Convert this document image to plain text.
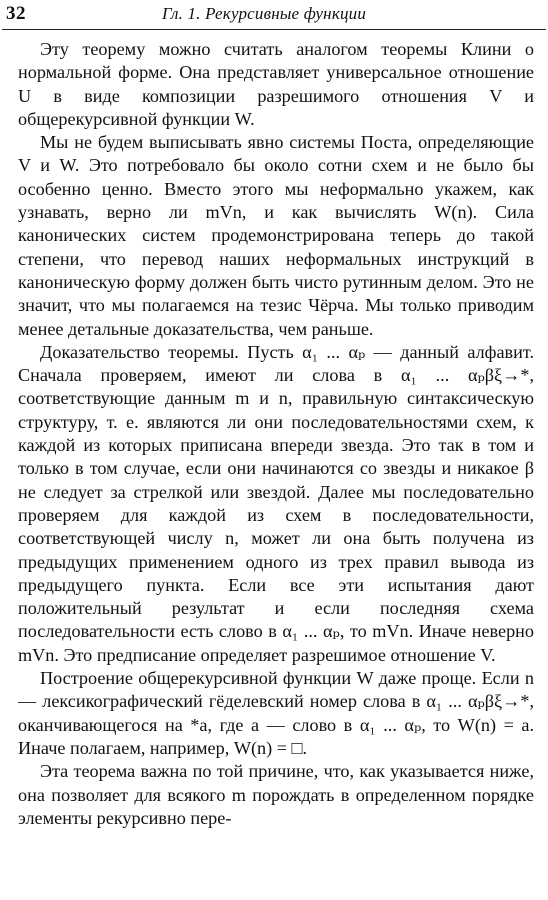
32	Гл. 1. Рекурсивные функции

Эту теорему можно считать аналогом теоремы Клини о нормальной форме. Она представляет универсальное отношение U в виде композиции разрешимого отношения V и общерекурсивной функции W.

Мы не будем выписывать явно системы Поста, определяющие V и W. Это потребовало бы около сотни схем и не было бы особенно ценно. Вместо этого мы неформально укажем, как узнавать, верно ли mVn, и как вычислять W(n). Сила канонических систем продемонстрирована теперь до такой степени, что перевод наших неформальных инструкций в каноническую форму должен быть чисто рутинным делом. Это не значит, что мы полагаемся на тезис Чёрча. Мы только приводим менее детальные доказательства, чем раньше.

Доказательство теоремы. Пусть α₁ ... αₚ — данный алфавит. Сначала проверяем, имеют ли слова в α₁ ... αₚβξ→*, соответствующие данным m и n, правильную синтаксическую структуру, т. е. являются ли они последовательностями схем, к каждой из которых приписана впереди звезда. Это так в том и только в том случае, если они начинаются со звезды и никакое β не следует за стрелкой или звездой. Далее мы последовательно проверяем для каждой из схем в последовательности, соответствующей числу n, может ли она быть получена из предыдущих применением одного из трех правил вывода из предыдущего пункта. Если все эти испытания дают положительный результат и если последняя схема последовательности есть слово в α₁ ... αₚ, то mVn. Иначе неверно mVn. Это предписание определяет разрешимое отношение V.

Построение общерекурсивной функции W даже проще. Если n — лексикографический гёделевский номер слова в α₁ ... αₚβξ→*, оканчивающегося на *a, где a — слово в α₁ ... αₚ, то W(n) = a. Иначе полагаем, например, W(n) = □.

Эта теорема важна по той причине, что, как указывается ниже, она позволяет для всякого m порождать в определенном порядке элементы рекурсивно пере-
